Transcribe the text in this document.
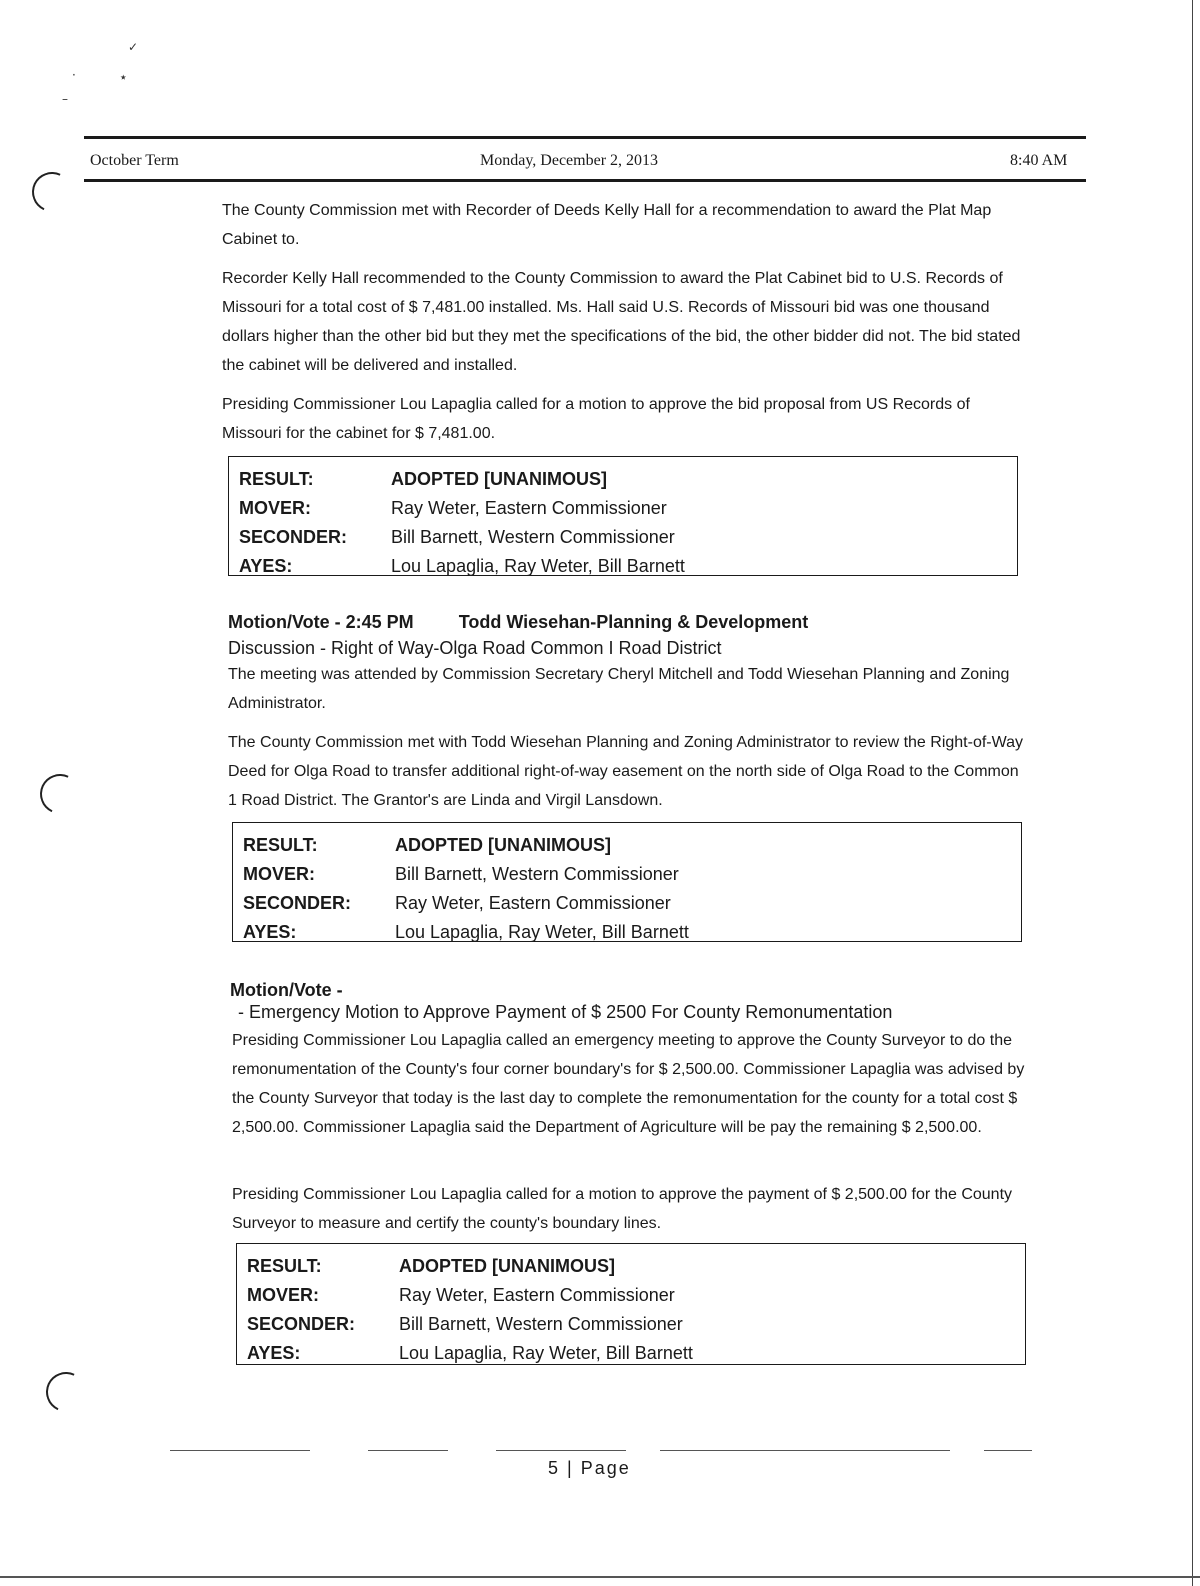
✓
·	٭
–
October Term	Monday, December 2, 2013	8:40 AM

The County Commission met with Recorder of Deeds Kelly Hall for a recommendation to award the Plat Map Cabinet to.

Recorder Kelly Hall recommended to the County Commission to award the Plat Cabinet bid to U.S. Records of Missouri for a total cost of $ 7,481.00 installed. Ms. Hall said U.S. Records of Missouri bid was one thousand dollars higher than the other bid but they met the specifications of the bid, the other bidder did not. The bid stated the cabinet will be delivered and installed.

Presiding Commissioner Lou Lapaglia called for a motion to approve the bid proposal from US Records of Missouri for the cabinet for $ 7,481.00.

RESULT:	ADOPTED [UNANIMOUS]
MOVER:	Ray Weter, Eastern Commissioner
SECONDER: Bill Barnett, Western Commissioner
AYES:	Lou Lapaglia, Ray Weter, Bill Barnett
Motion/Vote - 2:45 PM	Todd Wiesehan-Planning & Development
Discussion - Right of Way-Olga Road Common I Road District

The meeting was attended by Commission Secretary Cheryl Mitchell and Todd Wiesehan Planning and Zoning Administrator.

The County Commission met with Todd Wiesehan Planning and Zoning Administrator to review the Right-of-Way Deed for Olga Road to transfer additional right-of-way easement on the north side of Olga Road to the Common 1 Road District. The Grantor's are Linda and Virgil Lansdown.

RESULT:	ADOPTED [UNANIMOUS]
MOVER:	Bill Barnett, Western Commissioner
SECONDER: Ray Weter, Eastern Commissioner
AYES:	Lou Lapaglia, Ray Weter, Bill Barnett
Motion/Vote -
- Emergency Motion to Approve Payment of $ 2500 For County Remonumentation

Presiding Commissioner Lou Lapaglia called an emergency meeting to approve the County Surveyor to do the remonumentation of the County's four corner boundary's for $ 2,500.00. Commissioner Lapaglia was advised by the County Surveyor that today is the last day to complete the remonumentation for the county for a total cost $ 2,500.00. Commissioner Lapaglia said the Department of Agriculture will be pay the remaining $ 2,500.00.

Presiding Commissioner Lou Lapaglia called for a motion to approve the payment of $ 2,500.00 for the County Surveyor to measure and certify the county's boundary lines.

RESULT:	ADOPTED [UNANIMOUS]
MOVER:	Ray Weter, Eastern Commissioner
SECONDER: Bill Barnett, Western Commissioner
AYES:	Lou Lapaglia, Ray Weter, Bill Barnett
5 | Page
